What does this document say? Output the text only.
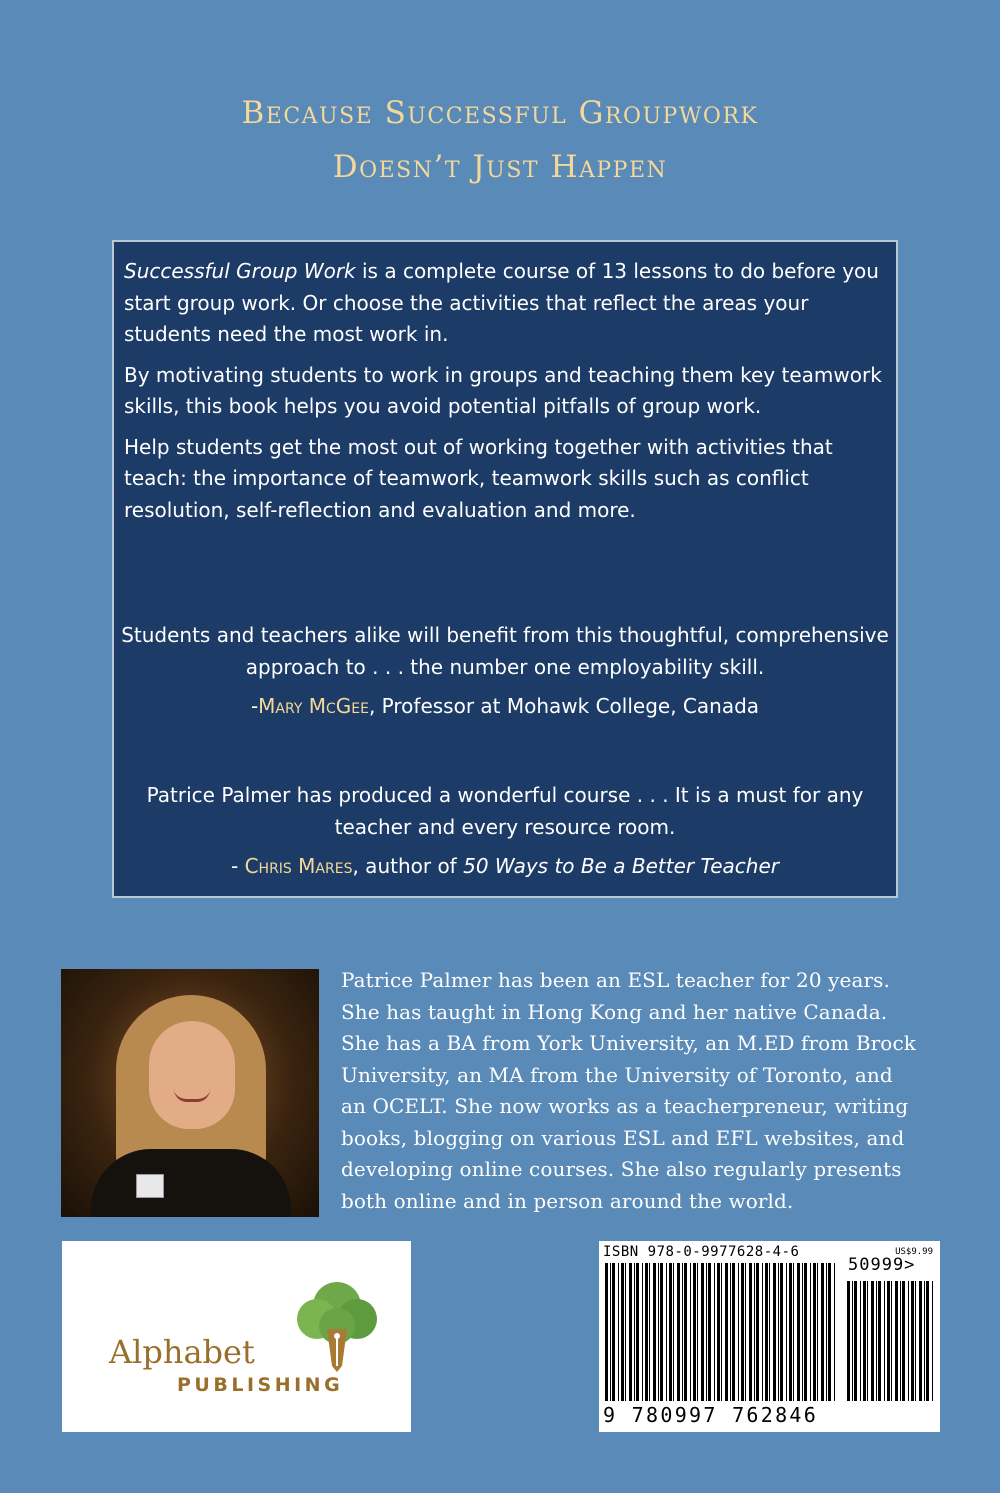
Because Successful Groupwork
Doesn’t Just Happen

Successful Group Work is a complete course of 13 lessons to do before you start group work. Or choose the activities that reflect the areas your students need the most work in.

By motivating students to work in groups and teaching them key teamwork skills, this book helps you avoid potential pitfalls of group work.

Help students get the most out of working together with activities that teach: the importance of teamwork, teamwork skills such as conflict resolution, self-reflection and evaluation and more.

Students and teachers alike will benefit from this thoughtful, comprehensive approach to . . . the number one employability skill.
-Mary McGee, Professor at Mohawk College, Canada
Patrice Palmer has produced a wonderful course . . . It is a must for any teacher and every resource room.
- Chris Mares, author of 50 Ways to Be a Better Teacher
Patrice Palmer has been an ESL teacher for 20 years.
She has taught in Hong Kong and her native Canada.
She has a BA from York University, an M.ED from Brock
University, an MA from the University of Toronto, and
an OCELT. She now works as a teacherpreneur, writing
books, blogging on various ESL and EFL websites, and
developing online courses. She also regularly presents
both online and in person around the world.
Alphabet
PUBLISHING
ISBN 978-0-9977628-4-6	US$9.99
50999>
9 780997 762846
